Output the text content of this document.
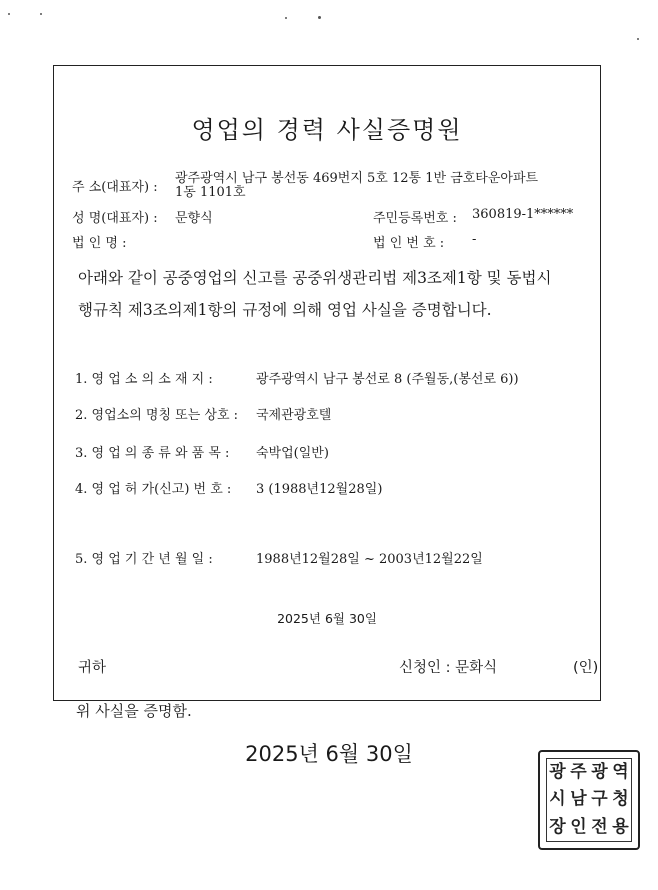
영업의 경력 사실증명원
주 소(대표자) :
광주광역시 남구 봉선동 469번지 5호 12통 1반 금호타운아파트
1동 1101호
성 명(대표자) : 문향식	주민등록번호 : 360819-1******
법 인 명 :	법 인 번 호 : -
아래와 같이 공중영업의 신고를 공중위생관리법 제3조제1항 및 동법시
행규칙 제3조의제1항의 규정에 의해 영업 사실을 증명합니다.
1. 영 업 소 의 소 재 지 :	광주광역시 남구 봉선로 8 (주월동,(봉선로 6))
2. 영업소의 명칭 또는 상호 : 국제관광호텔
3. 영 업 의 종 류 와 품 목 : 숙박업(일반)
4. 영 업 허 가(신고) 번 호 : 3 (1988년12월28일)
5. 영 업 기 간 년 월 일 :	1988년12월28일 ~ 2003년12월22일
2025년 6월 30일
귀하	신청인 : 문화식	(인)
위 사실을 증명함.
2025년 6월 30일
광 주 광 역
시 남 구 청
장 인 전 용
